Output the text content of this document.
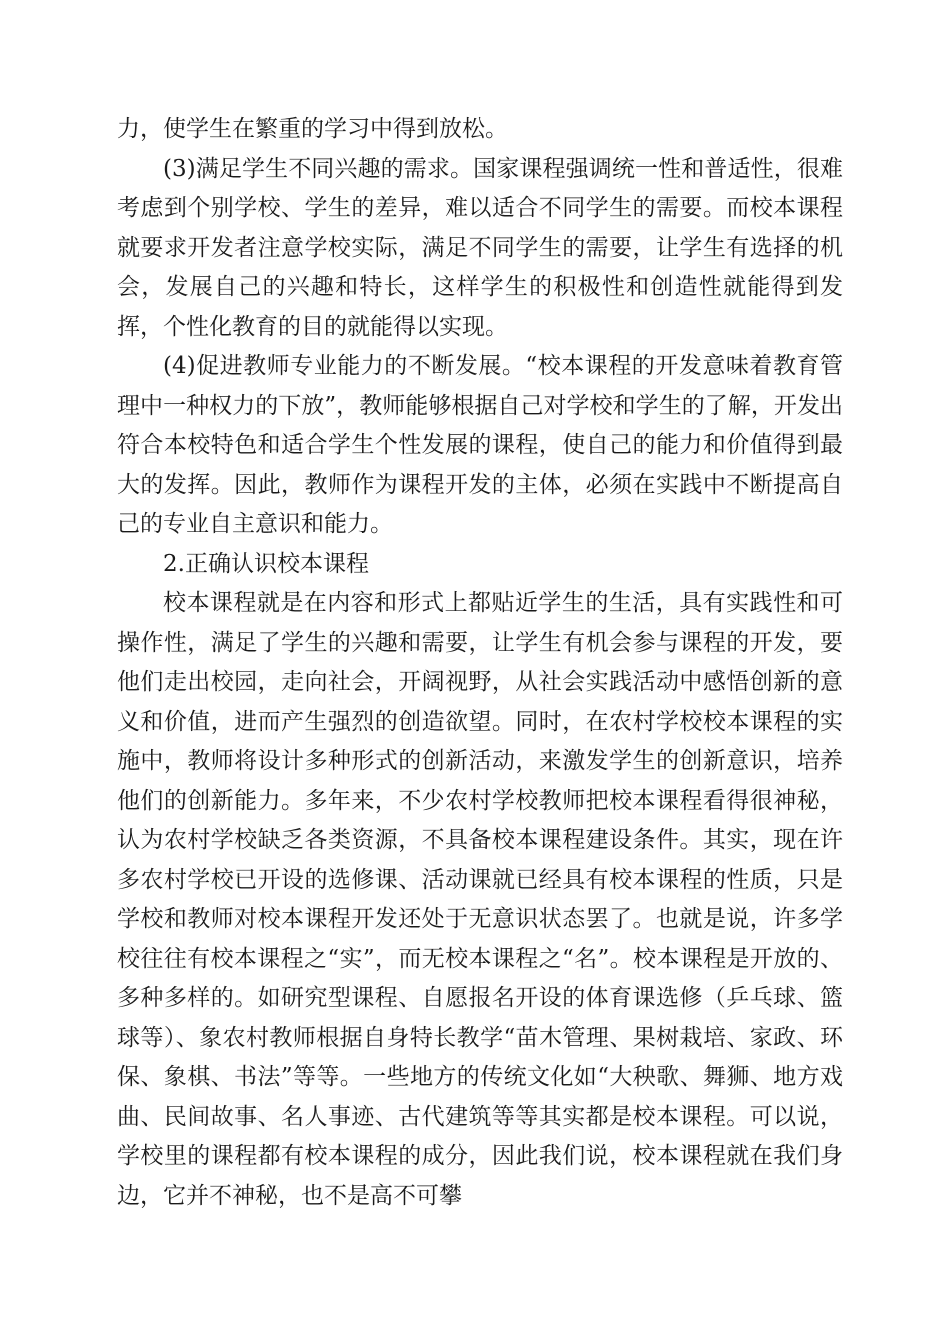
力，使学生在繁重的学习中得到放松。

(3)满足学生不同兴趣的需求。国家课程强调统一性和普适性，很难考虑到个别学校、学生的差异，难以适合不同学生的需要。而校本课程就要求开发者注意学校实际，满足不同学生的需要，让学生有选择的机会，发展自己的兴趣和特长，这样学生的积极性和创造性就能得到发挥，个性化教育的目的就能得以实现。

(4)促进教师专业能力的不断发展。“校本课程的开发意味着教育管理中一种权力的下放”，教师能够根据自己对学校和学生的了解，开发出符合本校特色和适合学生个性发展的课程，使自己的能力和价值得到最大的发挥。因此，教师作为课程开发的主体，必须在实践中不断提高自己的专业自主意识和能力。

2.正确认识校本课程

校本课程就是在内容和形式上都贴近学生的生活，具有实践性和可操作性，满足了学生的兴趣和需要，让学生有机会参与课程的开发，要他们走出校园，走向社会，开阔视野，从社会实践活动中感悟创新的意义和价值，进而产生强烈的创造欲望。同时，在农村学校校本课程的实施中，教师将设计多种形式的创新活动，来激发学生的创新意识，培养他们的创新能力。多年来，不少农村学校教师把校本课程看得很神秘，认为农村学校缺乏各类资源，不具备校本课程建设条件。其实，现在许多农村学校已开设的选修课、活动课就已经具有校本课程的性质，只是学校和教师对校本课程开发还处于无意识状态罢了。也就是说，许多学校往往有校本课程之“实”，而无校本课程之“名”。校本课程是开放的、多种多样的。如研究型课程、自愿报名开设的体育课选修（乒乓球、篮球等）、象农村教师根据自身特长教学“苗木管理、果树栽培、家政、环保、象棋、书法”等等。一些地方的传统文化如“大秧歌、舞狮、地方戏曲、民间故事、名人事迹、古代建筑等等其实都是校本课程。可以说，学校里的课程都有校本课程的成分，因此我们说，校本课程就在我们身边，它并不神秘，也不是高不可攀
